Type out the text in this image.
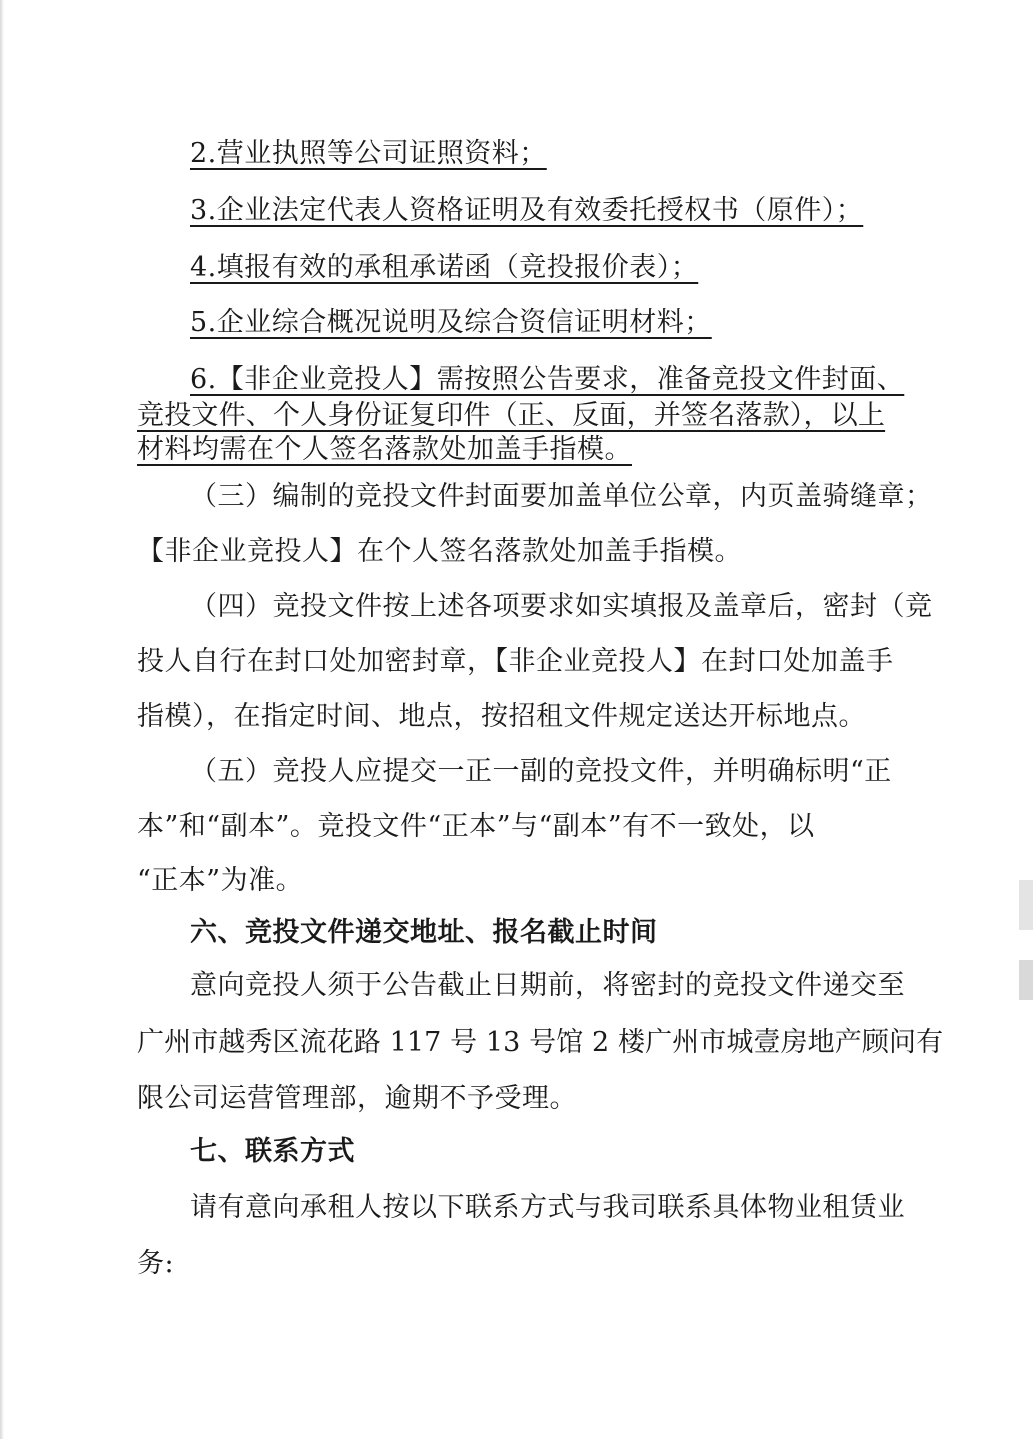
2.营业执照等公司证照资料；
3.企业法定代表人资格证明及有效委托授权书（原件）；
4.填报有效的承租承诺函（竞投报价表）；
5.企业综合概况说明及综合资信证明材料；
6.【非企业竞投人】需按照公告要求，准备竞投文件封面、
竞投文件、个人身份证复印件（正、反面，并签名落款），以上
材料均需在个人签名落款处加盖手指模。
（三）编制的竞投文件封面要加盖单位公章，内页盖骑缝章；
【非企业竞投人】在个人签名落款处加盖手指模。
（四）竞投文件按上述各项要求如实填报及盖章后，密封（竞
投人自行在封口处加密封章，【非企业竞投人】在封口处加盖手
指模），在指定时间、地点，按招租文件规定送达开标地点。
（五）竞投人应提交一正一副的竞投文件，并明确标明“正
本”和“副本”。竞投文件“正本”与“副本”有不一致处，以
“正本”为准。
六、竞投文件递交地址、报名截止时间
意向竞投人须于公告截止日期前，将密封的竞投文件递交至
广州市越秀区流花路 117 号 13 号馆 2 楼广州市城壹房地产顾问有
限公司运营管理部，逾期不予受理。
七、联系方式
请有意向承租人按以下联系方式与我司联系具体物业租赁业
务:
